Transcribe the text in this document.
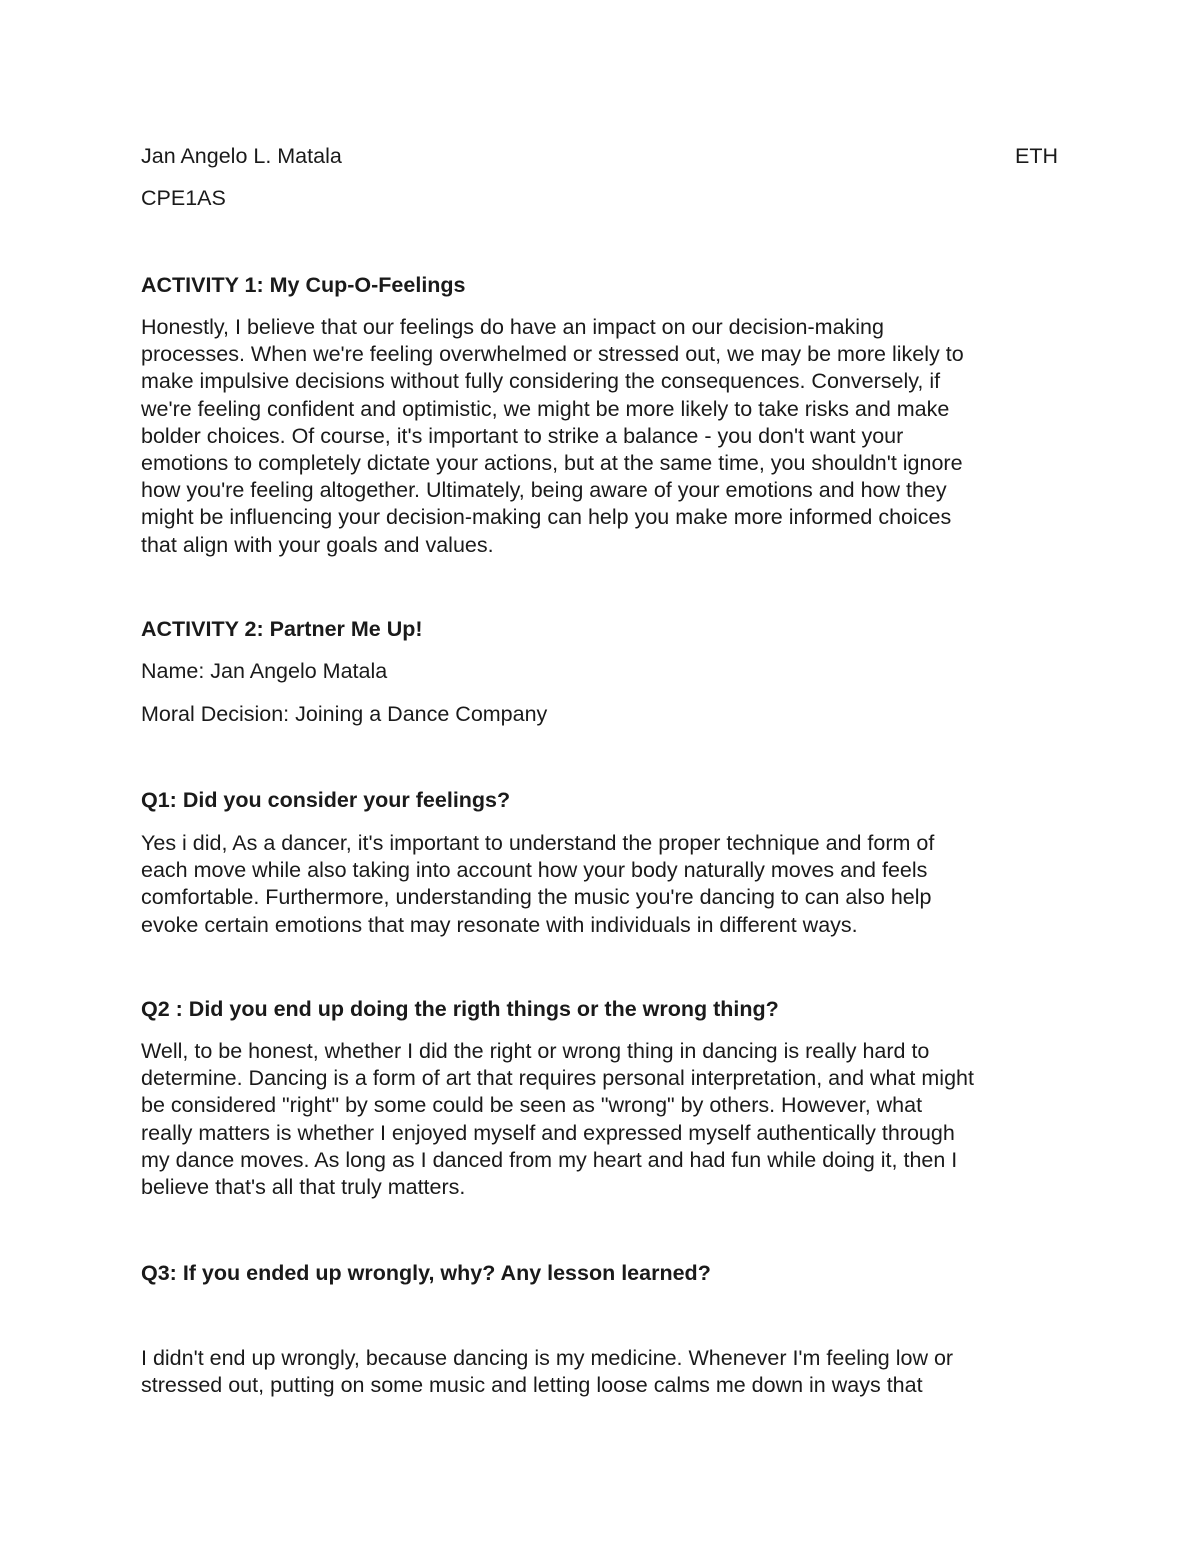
Jan Angelo L. Matala	ETH

CPE1AS

ACTIVITY 1: My Cup-O-Feelings

Honestly, I believe that our feelings do have an impact on our decision-making
processes. When we're feeling overwhelmed or stressed out, we may be more likely to
make impulsive decisions without fully considering the consequences. Conversely, if
we're feeling confident and optimistic, we might be more likely to take risks and make
bolder choices. Of course, it's important to strike a balance - you don't want your
emotions to completely dictate your actions, but at the same time, you shouldn't ignore
how you're feeling altogether. Ultimately, being aware of your emotions and how they
might be influencing your decision-making can help you make more informed choices
that align with your goals and values.

ACTIVITY 2: Partner Me Up!

Name: Jan Angelo Matala

Moral Decision: Joining a Dance Company

Q1: Did you consider your feelings?

Yes i did, As a dancer, it's important to understand the proper technique and form of
each move while also taking into account how your body naturally moves and feels
comfortable. Furthermore, understanding the music you're dancing to can also help
evoke certain emotions that may resonate with individuals in different ways.

Q2 : Did you end up doing the rigth things or the wrong thing?

Well, to be honest, whether I did the right or wrong thing in dancing is really hard to
determine. Dancing is a form of art that requires personal interpretation, and what might
be considered "right" by some could be seen as "wrong" by others. However, what
really matters is whether I enjoyed myself and expressed myself authentically through
my dance moves. As long as I danced from my heart and had fun while doing it, then I
believe that's all that truly matters.

Q3: If you ended up wrongly, why? Any lesson learned?

I didn't end up wrongly, because dancing is my medicine. Whenever I'm feeling low or
stressed out, putting on some music and letting loose calms me down in ways that
